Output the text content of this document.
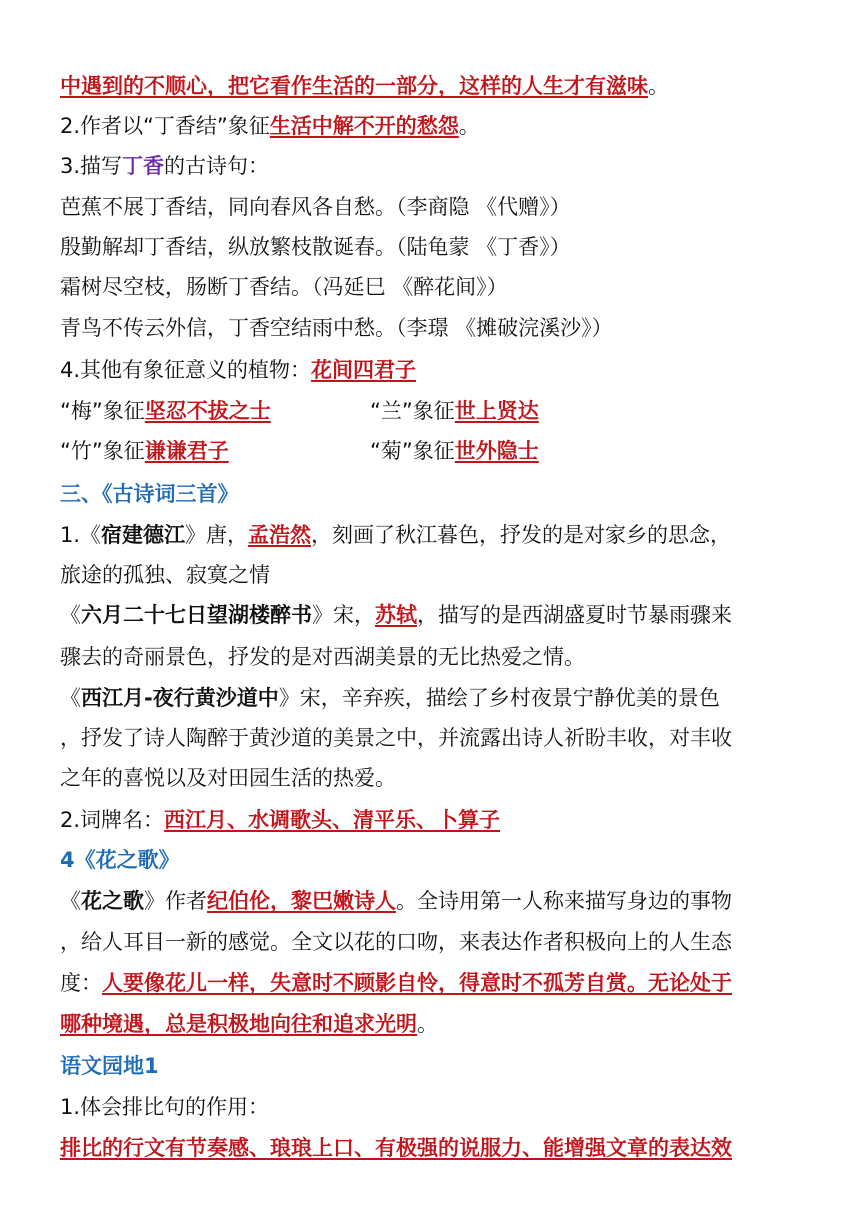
中遇到的不顺心，把它看作生活的一部分，这样的人生才有滋味。
2.作者以“丁香结”象征生活中解不开的愁怨。
3.描写丁香的古诗句：
芭蕉不展丁香结，同向春风各自愁。（李商隐 《代赠》）
殷勤解却丁香结，纵放繁枝散诞春。（陆龟蒙 《丁香》）
霜树尽空枝，肠断丁香结。（冯延巳 《醉花间》）
青鸟不传云外信，丁香空结雨中愁。（李璟 《摊破浣溪沙》）
4.其他有象征意义的植物：花间四君子
“梅”象征坚忍不拔之士	“兰”象征世上贤达
“竹”象征谦谦君子	“菊”象征世外隐士
三、《古诗词三首》
1.《宿建德江》唐，孟浩然，刻画了秋江暮色，抒发的是对家乡的思念，
旅途的孤独、寂寞之情
《六月二十七日望湖楼醉书》宋，苏轼，描写的是西湖盛夏时节暴雨骤来
骤去的奇丽景色，抒发的是对西湖美景的无比热爱之情。
《西江月-夜行黄沙道中》宋，辛弃疾，描绘了乡村夜景宁静优美的景色
，抒发了诗人陶醉于黄沙道的美景之中，并流露出诗人祈盼丰收，对丰收
之年的喜悦以及对田园生活的热爱。
2.词牌名：西江月、水调歌头、清平乐、卜算子
4《花之歌》
《花之歌》作者纪伯伦，黎巴嫩诗人。全诗用第一人称来描写身边的事物
，给人耳目一新的感觉。全文以花的口吻，来表达作者积极向上的人生态
度：人要像花儿一样，失意时不顾影自怜，得意时不孤芳自赏。无论处于
哪种境遇，总是积极地向往和追求光明。
语文园地1
1.体会排比句的作用：
排比的行文有节奏感、琅琅上口、有极强的说服力、能增强文章的表达效
